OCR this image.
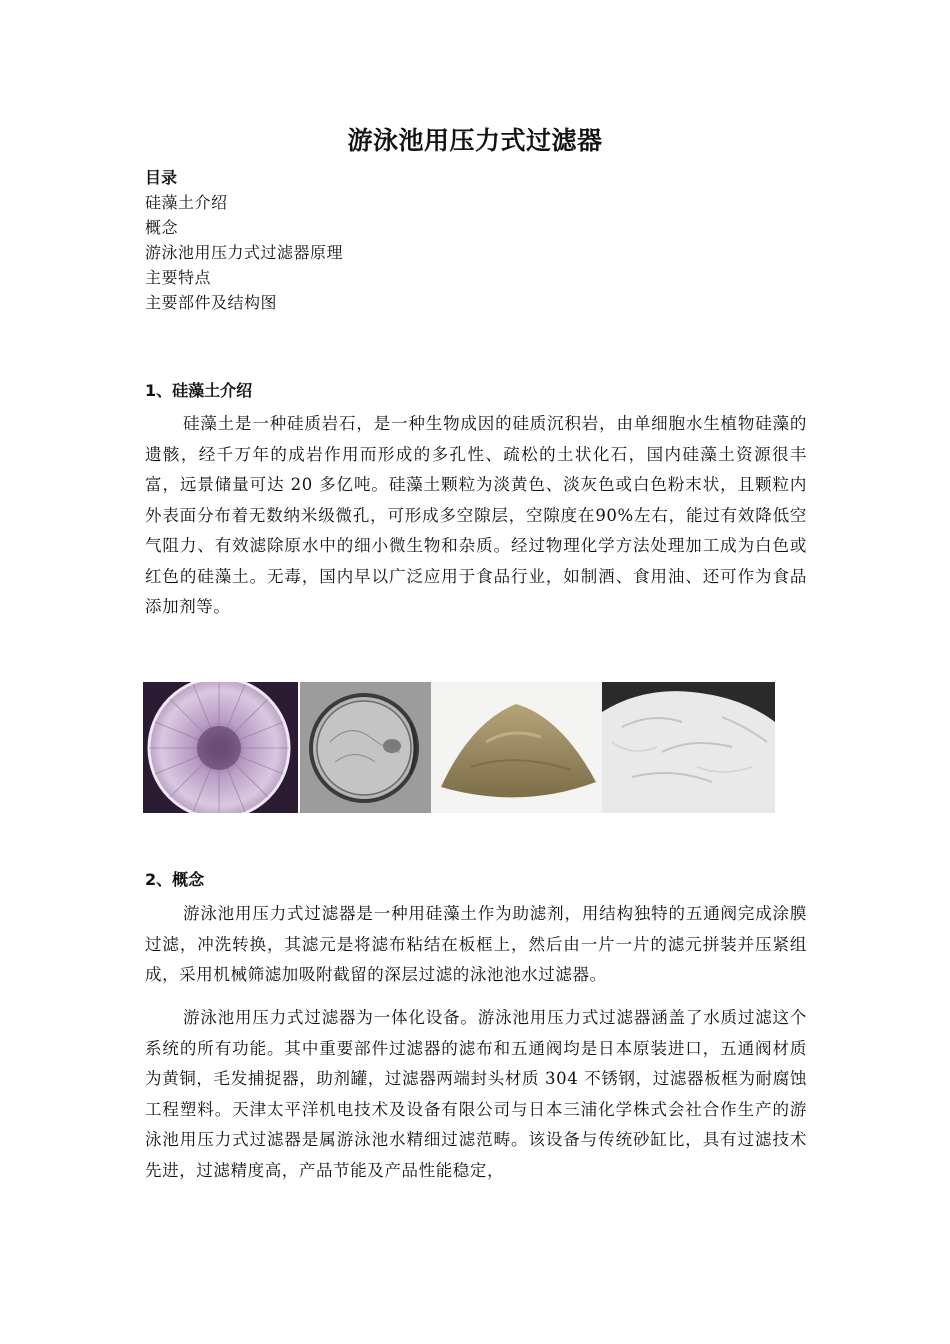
游泳池用压力式过滤器
目录
硅藻土介绍
概念
游泳池用压力式过滤器原理
主要特点
主要部件及结构图
1、硅藻土介绍
硅藻土是一种硅质岩石，是一种生物成因的硅质沉积岩，由单细胞水生植物硅藻的遗骸，经千万年的成岩作用而形成的多孔性、疏松的土状化石，国内硅藻土资源很丰富，远景储量可达 20 多亿吨。硅藻土颗粒为淡黄色、淡灰色或白色粉末状，且颗粒内外表面分布着无数纳米级微孔，可形成多空隙层，空隙度在90%左右，能过有效降低空气阻力、有效滤除原水中的细小微生物和杂质。经过物理化学方法处理加工成为白色或红色的硅藻土。无毒，国内早以广泛应用于食品行业，如制酒、食用油、还可作为食品添加剂等。
2、概念
游泳池用压力式过滤器是一种用硅藻土作为助滤剂，用结构独特的五通阀完成涂膜过滤，冲洗转换，其滤元是将滤布粘结在板框上，然后由一片一片的滤元拼装并压紧组成，采用机械筛滤加吸附截留的深层过滤的泳池池水过滤器。
游泳池用压力式过滤器为一体化设备。游泳池用压力式过滤器涵盖了水质过滤这个系统的所有功能。其中重要部件过滤器的滤布和五通阀均是日本原装进口，五通阀材质为黄铜，毛发捕捉器，助剂罐，过滤器两端封头材质 304 不锈钢，过滤器板框为耐腐蚀工程塑料。天津太平洋机电技术及设备有限公司与日本三浦化学株式会社合作生产的游泳池用压力式过滤器是属游泳池水精细过滤范畴。该设备与传统砂缸比，具有过滤技术先进，过滤精度高，产品节能及产品性能稳定，
